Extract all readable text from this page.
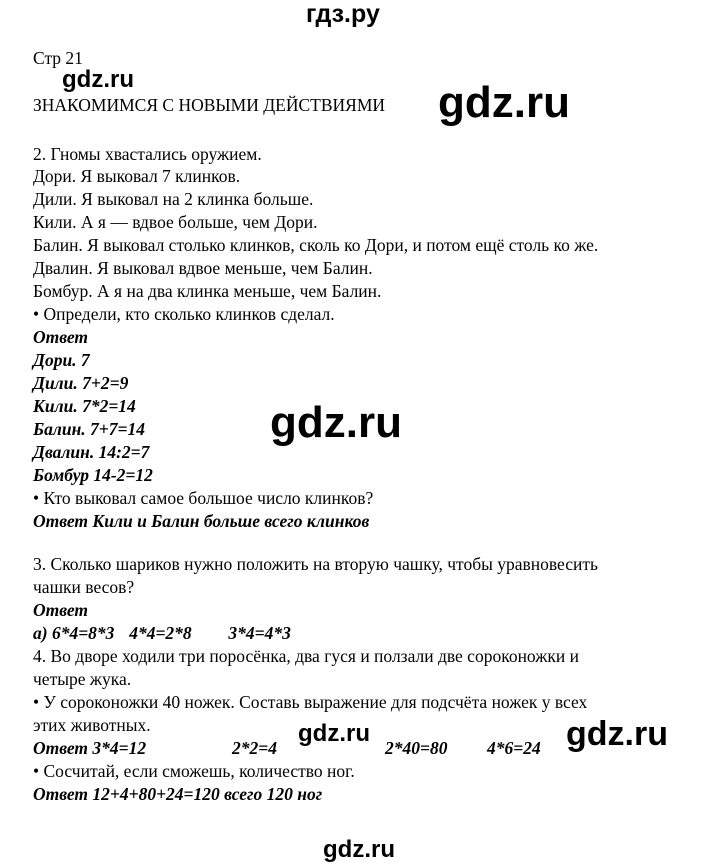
гдз.ру
gdz.ru	gdz.ru
gdz.ru
gdz.ru	gdz.ru
gdz.ru
Стр 21
ЗНАКОМИМСЯ С НОВЫМИ ДЕЙСТВИЯМИ
2. Гномы хвастались оружием.
Дори. Я выковал 7 клинков.
Дили. Я выковал на 2 клинка больше.
Кили. А я — вдвое больше, чем Дори.
Балин. Я выковал столько клинков, сколь ко Дори, и потом ещё столь ко же.
Двалин. Я выковал вдвое меньше, чем Балин.
Бомбур. А я на два клинка меньше, чем Балин.
• Определи, кто сколько клинков сделал.
Ответ
Дори. 7
Дили. 7+2=9
Кили. 7*2=14
Балин. 7+7=14
Двалин. 14:2=7
Бомбур 14-2=12
• Кто выковал самое большое число клинков?
Ответ Кили и Балин больше всего клинков
3. Сколько шариков нужно положить на вторую чашку, чтобы уравновесить
чашки весов?
Ответ
а) 6*4=8*3 4*4=2*8 3*4=4*3
4. Во дворе ходили три поросёнка, два гуся и ползали две сороконожки и
четыре жука.
• У сороконожки 40 ножек. Составь выражение для подсчёта ножек у всех
этих животных.
Ответ 3*4=12	2*2=4	2*40=80 4*6=24
• Сосчитай, если сможешь, количество ног.
Ответ 12+4+80+24=120 всего 120 ног
